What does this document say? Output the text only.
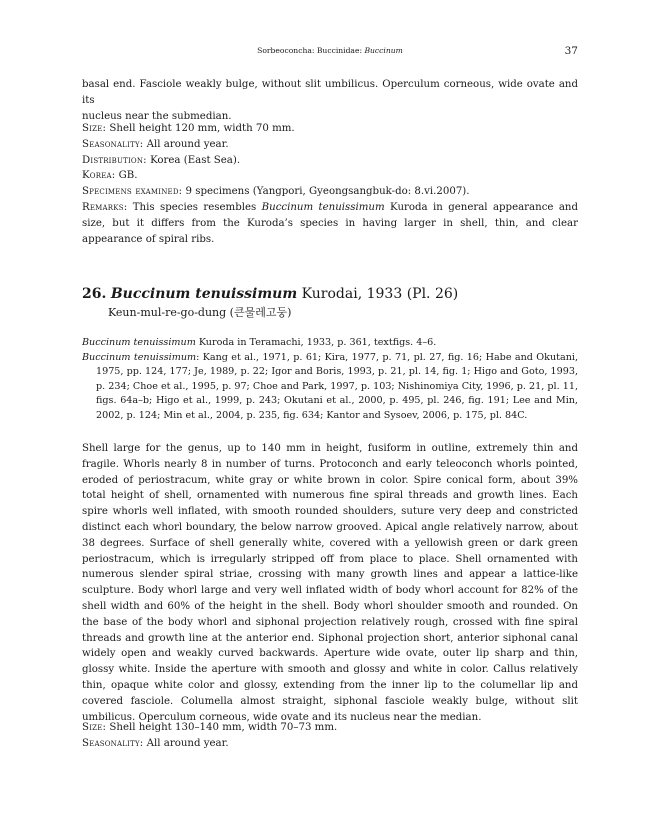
Sorbeoconcha: Buccinidae: Buccinum	37
basal end. Fasciole weakly bulge, without slit umbilicus. Operculum corneous, wide ovate and its
nucleus near the submedian.

Size: Shell height 120 mm, width 70 mm.

Seasonality: All around year.

Distribution: Korea (East Sea).

Korea: GB.

Specimens examined: 9 specimens (Yangpori, Gyeongsangbuk-do: 8.vi.2007).

Remarks: This species resembles Buccinum tenuissimum Kuroda in general appearance and size, but it differs from the Kuroda’s species in having larger in shell, thin, and clear appearance of spiral ribs.

26. Buccinum tenuissimum Kurodai, 1933 (Pl. 26)
Keun-mul-re-go-dung (큰물레고둥)

Buccinum tenuissimum Kuroda in Teramachi, 1933, p. 361, textfigs. 4–6.

Buccinum tenuissimum: Kang et al., 1971, p. 61; Kira, 1977, p. 71, pl. 27, fig. 16; Habe and Okutani, 1975, pp. 124, 177; Je, 1989, p. 22; Igor and Boris, 1993, p. 21, pl. 14, fig. 1; Higo and Goto, 1993, p. 234; Choe et al., 1995, p. 97; Choe and Park, 1997, p. 103; Nishinomiya City, 1996, p. 21, pl. 11, figs. 64a–b; Higo et al., 1999, p. 243; Okutani et al., 2000, p. 495, pl. 246, fig. 191; Lee and Min, 2002, p. 124; Min et al., 2004, p. 235, fig. 634; Kantor and Sysoev, 2006, p. 175, pl. 84C.

Shell large for the genus, up to 140 mm in height, fusiform in outline, extremely thin and fragile. Whorls nearly 8 in number of turns. Protoconch and early teleoconch whorls pointed, eroded of periostracum, white gray or white brown in color. Spire conical form, about 39% total height of shell, ornamented with numerous fine spiral threads and growth lines. Each spire whorls well inflated, with smooth rounded shoulders, suture very deep and constricted distinct each whorl boundary, the below narrow grooved. Apical angle relatively narrow, about 38 degrees. Surface of shell generally white, covered with a yellowish green or dark green periostracum, which is irregularly stripped off from place to place. Shell ornamented with numerous slender spiral striae, crossing with many growth lines and appear a lattice-like sculpture. Body whorl large and very well inflated width of body whorl account for 82% of the shell width and 60% of the height in the shell. Body whorl shoulder smooth and rounded. On the base of the body whorl and siphonal projection relatively rough, crossed with fine spiral threads and growth line at the anterior end. Siphonal projection short, anterior siphonal canal widely open and weakly curved backwards. Aperture wide ovate, outer lip sharp and thin, glossy white. Inside the aperture with smooth and glossy and white in color. Callus relatively thin, opaque white color and glossy, extending from the inner lip to the columellar lip and covered fasciole. Columella almost straight, siphonal fasciole weakly bulge, without slit umbilicus. Operculum corneous, wide ovate and its nucleus near the median.

Size: Shell height 130–140 mm, width 70–73 mm.

Seasonality: All around year.
